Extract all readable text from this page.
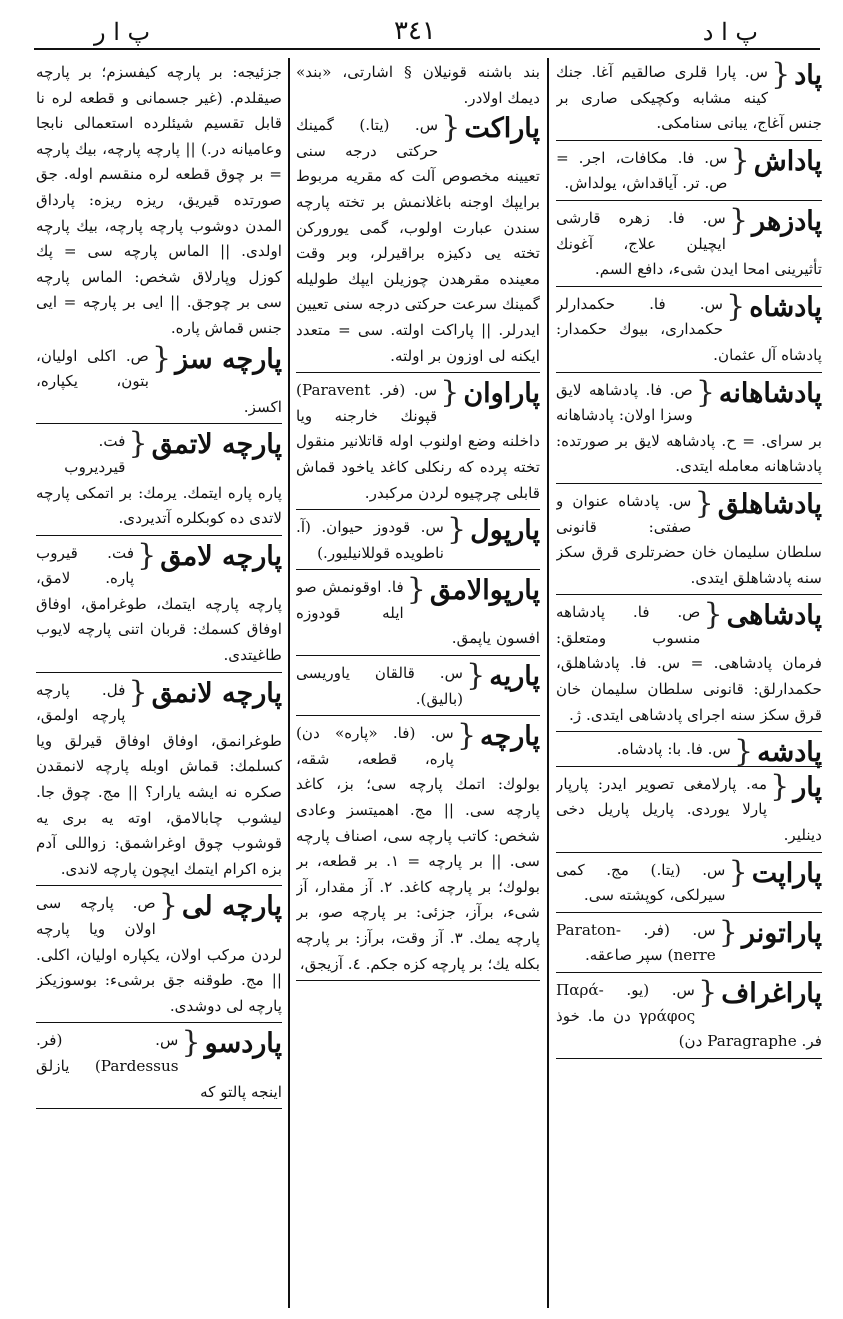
پ ا ر	٣٤١	پ ا د
پاد
{
س. پارا قلری صالقیم آغا. جنك كينه مشابه وكچيكی صاری بر جنس آغاج، يبانی سنامكی.
پاداش
{
س. فا. مكافات، اجر. = ص. تر. آياقداش، يولداش.
پادزهر
{
س. فا. زهره قارشی ايچيلن علاج، آغونك تأثيرينی امحا ايدن شیء، دافع السم.
پادشاه
{
س. فا. حكمدارلر حكمداری، بيوك حكمدار: پادشاه آل عثمان.
پادشاهانه
{
ص. فا. پادشاهه لايق وسزا اولان: پادشاهانه بر سرای. = ح. پادشاهه لايق بر صورتده: پادشاهانه معامله ايتدی.
پادشاهلق
{
س. پادشاه عنوان و صفتی: قانونی سلطان سليمان خان حضرتلری قرق سكز سنه پادشاهلق ايتدی.
پادشاهی
{
ص. فا. پادشاهه منسوب ومتعلق: فرمان پادشاهی. = س. فا. پادشاهلق، حكمدارلق: قانونی سلطان سليمان خان قرق سكز سنه اجرای پادشاهی ايتدی. ژ.
پادشه
{
س. فا. با: پادشاه.
پار
{
مه. پارلامغی تصوير ايدر: پارپار پارلا يوردی. پاريل پاريل دخی دينلير.
پاراپت
{
س. (يتا.) مج. كمی سيرلكی، كوپشته سی.
پاراتونر
{
س. (فر. Paraton-nerre) سپر صاعقه.
پاراغراف
{
س. (يو. Παρά- γράφος دن ما. خوذ فر. Paragraphe دن)
بند باشنه قونيلان § اشارتی، «بند» ديمك اولادر.
پاراكت
{
س. (يتا.) گمينك حركتی درجه سنی تعيينه مخصوص آلت كه مقريه مربوط برايپك اوجنه باغلانمش بر تخته پارچه سندن عبارت اولوب، گمی يوروركن تخته يی دكيزه براقيرلر، وبر وقت معينده مقرهدن چوزيلن ايپك طوليله گمينك سرعت حركتی درجه سنی تعيين ايدرلر. || پاراكت اولته. سی = متعدد ايكنه لی اوزون بر اولته.
پاراوان
{
س. (فر. Paravent) قپونك خارجنه ويا داخلنه وضع اولنوب اوله قاتلانير منقول تخته پرده كه رنكلی كاغد ياخود قماش قابلی چرچيوه لردن مركبدر.
پارپول
{
س. قودوز حيوان. (آ. ناطويده قوللانيليور.)
پارپوالامق
{
فا. اوقونمش صو ايله قودوزه افسون ياپمق.
پاريه
{
س. قالقان ياوريسی (باليق).
پارچه
{
س. (فا. «پاره» دن) پاره، قطعه، شقه، بولوك: اتمك پارچه سی؛ بز، كاغد پارچه سی. || مج. اهميتسز وعادی شخص: كاتب پارچه سی، اصناف پارچه سی. || بر پارچه = ١. بر قطعه، بر بولوك؛ بر پارچه كاغد. ٢. آز مقدار، آز شیء، برآز، جزئی: بر پارچه صو، بر پارچه يمك. ٣. آز وقت، برآز: بر پارچه بكله يك؛ بر پارچه كزه جكم. ٤. آزيجق،
جزئيجه: بر پارچه كيفسزم؛ بر پارچه صيقلدم. (غير جسمانی و قطعه لره نا قابل تقسيم شيئلرده استعمالی نابجا وعاميانه در.) || پارچه پارچه، بيك پارچه = بر چوق قطعه لره منقسم اوله. جق صورتده قيريق، ريزه ريزه: پارداق المدن دوشوب پارچه پارچه، بيك پارچه اولدی. || الماس پارچه سی = پك كوزل وپارلاق شخص: الماس پارچه سی بر چوجق. || ايی بر پارچه = ايی جنس قماش پاره.
پارچه سز
{
ص. اكلی اوليان، بتون، يكپاره، اكسز.
پارچه لاتمق
{
فت. قيرديروب پاره پاره ايتمك. يرمك: بر اتمكی پارچه لاتدی ده كوبكلره آتديردی.
پارچه لامق
{
فت. قيروب پاره. لامق، پارچه پارچه ايتمك، طوغرامق، اوفاق اوفاق كسمك: قربان اتنی پارچه لايوب طاغيتدی.
پارچه لانمق
{
فل. پارچه پارچه اولمق، طوغرانمق، اوفاق اوفاق قيرلق ويا كسلمك: قماش اوبله پارچه لانمقدن صكره نه ايشه يارار؟ || مج. چوق جا. ليشوب چابالامق، اوته يه بری يه قوشوب چوق اوغراشمق: زواللی آدم بزه اكرام ايتمك ايچون پارچه لاندی.
پارچه لی
{
ص. پارچه سی اولان ويا پارچه لردن مركب اولان، يكپاره اوليان، اكلی. || مج. طوقنه جق برشیء: بوسوزيكز پارچه لی دوشدی.
پاردسو
{
س. (فر. Pardessus) يازلق اينجه پالتو كه
